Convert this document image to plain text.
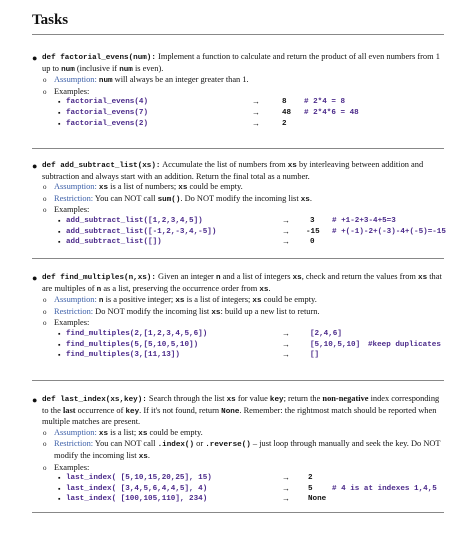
Tasks
● def factorial_evens(num): Implement a function to calculate and return the product of all even numbers from 1 up to num (inclusive if num is even).
o Assumption: num will always be an integer greater than 1.
o Examples:
▪ factorial_evens(4)	→	8 # 2*4 = 8
▪ factorial_evens(7)	→	48 # 2*4*6 = 48
▪ factorial_evens(2)	→	2
● def add_subtract_list(xs): Accumulate the list of numbers from xs by interleaving between addition and subtraction and always start with an addition. Return the final total as a number.
o Assumption: xs is a list of numbers; xs could be empty.
o Restriction: You can NOT call sum(). Do NOT modify the incoming list xs.
o Examples:
▪ add_subtract_list([1,2,3,4,5])	→	3 # +1-2+3-4+5=3
▪ add_subtract_list([-1,2,-3,4,-5])	→ -15 # +(-1)-2+(-3)-4+(-5)=-15
▪ add_subtract_list([])	→	0
● def find_multiples(n,xs): Given an integer n and a list of integers xs, check and return the values from xs that are multiples of n as a list, preserving the occurrence order from xs.
o Assumption: n is a positive integer; xs is a list of integers; xs could be empty.
o Restriction: Do NOT modify the incoming list xs: build up a new list to return.
o Examples:
▪ find_multiples(2,[1,2,3,4,5,6])	→	[2,4,6]
▪ find_multiples(5,[5,10,5,10])	→	[5,10,5,10] #keep duplicates
▪ find_multiples(3,[11,13])	→	[]
● def last_index(xs,key): Search through the list xs for value key; return the non-negative index corresponding to the last occurrence of key. If it's not found, return None. Remember: the rightmost match should be reported when multiple matches are present.
o Assumption: xs is a list; xs could be empty.
o Restriction: You can NOT call .index() or .reverse() – just loop through manually and seek the key. Do NOT modify the incoming list xs.
o Examples:
▪ last_index( [5,10,15,20,25], 15)	→ 2
▪ last_index( [3,4,5,6,4,4,5], 4)	→ 5	# 4 is at indexes 1,4,5
▪ last_index( [100,105,110], 234)	→ None
